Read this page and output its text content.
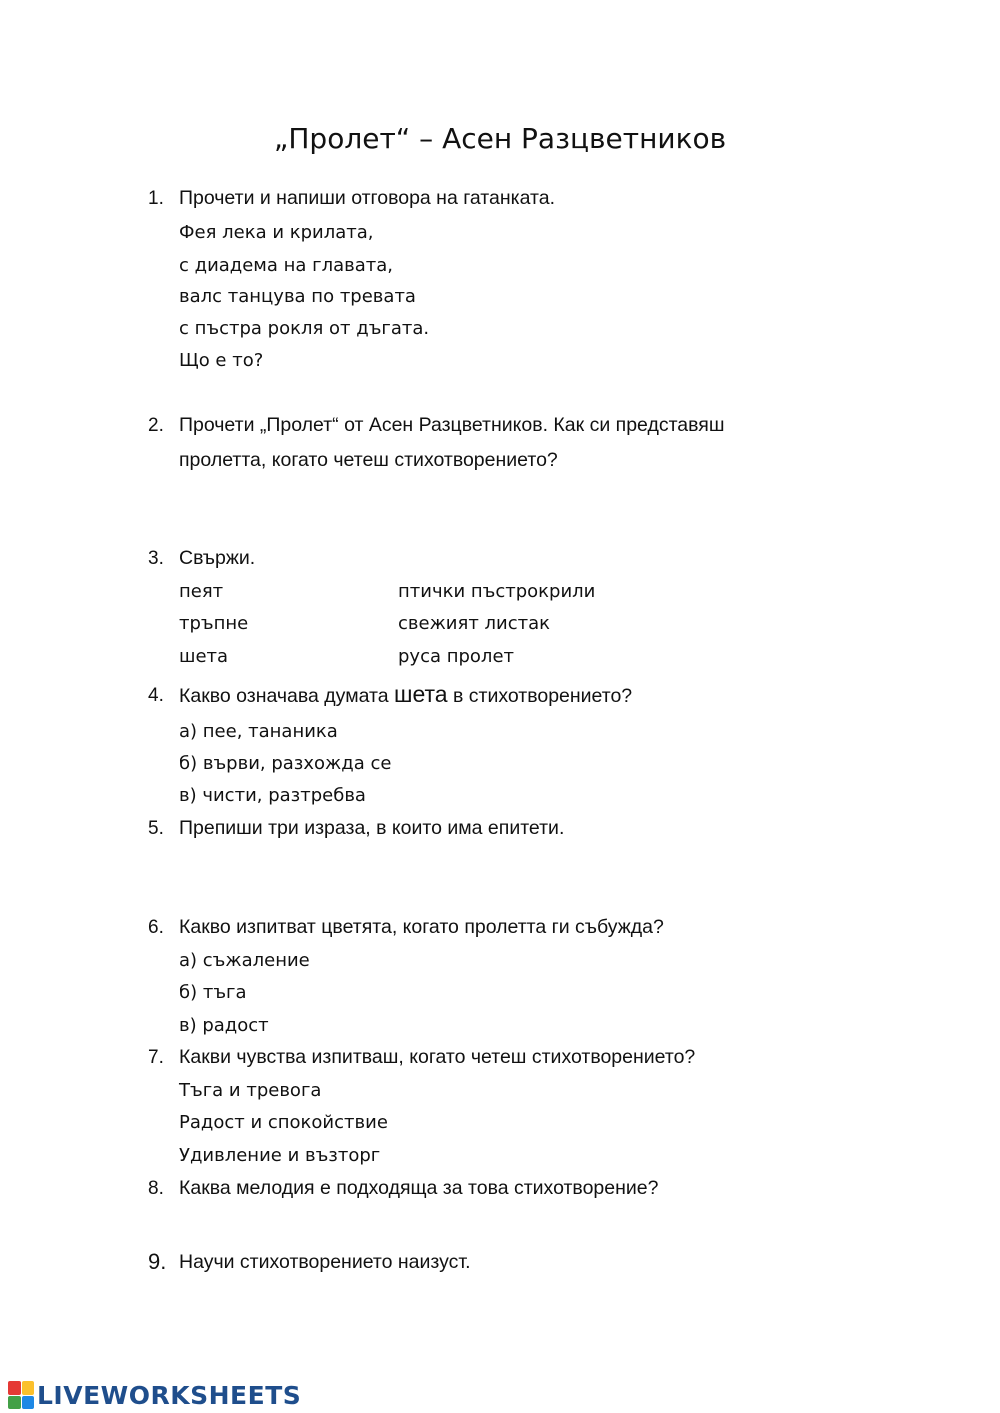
„Пролет“ – Асен Разцветников
1. Прочети и напиши отговора на гатанката.
Фея лека и крилата,
с диадема на главата,
валс танцува по тревата
с пъстра рокля от дъгата.
Що е то?
2. Прочети „Пролет“ от Асен Разцветников. Как си представяш
пролетта, когато четеш стихотворението?
3. Свържи.
пеят
тръпне
шета
птички пъстрокрили
свежият листак
руса пролет
4. Какво означава думата шета в стихотворението?
а) пее, тананика
б) върви, разхожда се
в) чисти, разтребва
5. Препиши три израза, в които има епитети.
6. Какво изпитват цветята, когато пролетта ги събужда?
а) съжаление
б) тъга
в) радост
7. Какви чувства изпитваш, когато четеш стихотворението?
Тъга и тревога
Радост и спокойствие
Удивление и възторг
8. Каква мелодия е подходяща за това стихотворение?
9. Научи стихотворението наизуст.
LIVEWORKSHEETS
